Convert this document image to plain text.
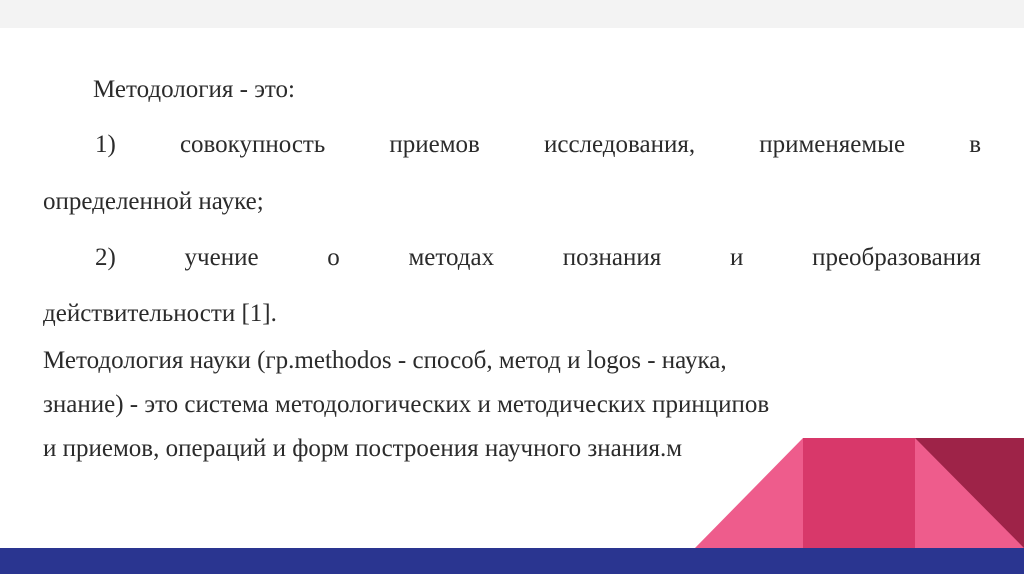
Методология - это:

1)	совокупность	приемов	исследования,	применяемые	в

определенной науке;

2)	учение	о	методах	познания	и	преобразования

действительности [1].

Методология науки (гр.methodos - способ, метод и logos - наука,

знание) - это система методологических и методических принципов

и приемов, операций и форм построения научного знания.м
